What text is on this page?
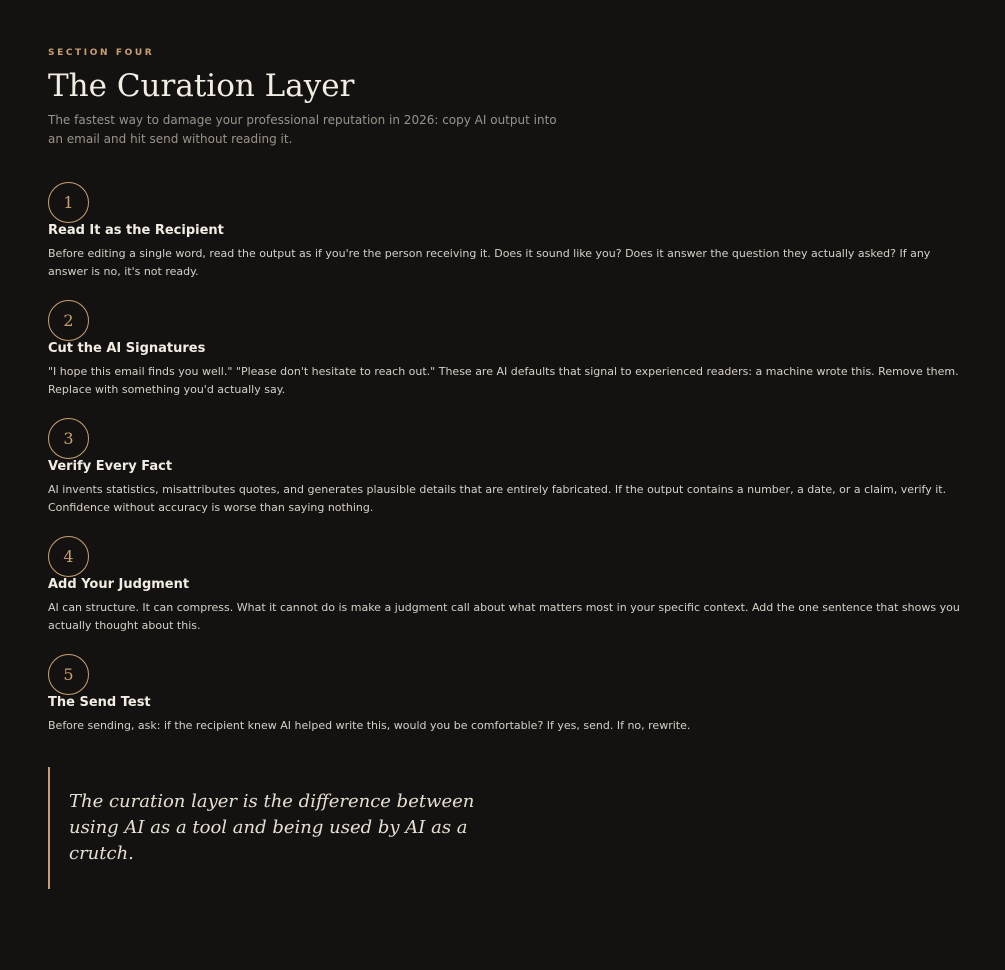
SECTION FOUR
The Curation Layer

The fastest way to damage your professional reputation in 2026: copy AI output into an email and hit send without reading it.

1
Read It as the Recipient

Before editing a single word, read the output as if you're the person receiving it. Does it sound like you? Does it answer the question they actually asked? If any answer is no, it's not ready.

2
Cut the AI Signatures

"I hope this email finds you well." "Please don't hesitate to reach out." These are AI defaults that signal to experienced readers: a machine wrote this. Remove them. Replace with something you'd actually say.

3
Verify Every Fact

AI invents statistics, misattributes quotes, and generates plausible details that are entirely fabricated. If the output contains a number, a date, or a claim, verify it. Confidence without accuracy is worse than saying nothing.

4
Add Your Judgment

AI can structure. It can compress. What it cannot do is make a judgment call about what matters most in your specific context. Add the one sentence that shows you actually thought about this.

5
The Send Test

Before sending, ask: if the recipient knew AI helped write this, would you be comfortable? If yes, send. If no, rewrite.

The curation layer is the difference between using AI as a tool and being used by AI as a crutch.
